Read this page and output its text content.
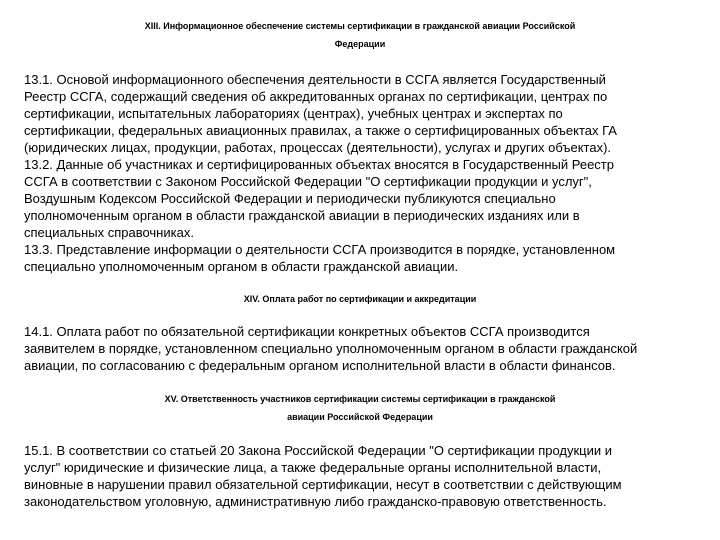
XIII. Информационное обеспечение системы сертификации в гражданской авиации Российской
Федерации
13.1. Основой информационного обеспечения деятельности в ССГА является Государственный
Реестр ССГА, содержащий сведения об аккредитованных органах по сертификации, центрах по
сертификации, испытательных лабораториях (центрах), учебных центрах и экспертах по
сертификации, федеральных авиационных правилах, а также о сертифицированных объектах ГА
(юридических лицах, продукции, работах, процессах (деятельности), услугах и других объектах).
13.2. Данные об участниках и сертифицированных объектах вносятся в Государственный Реестр
ССГА в соответствии с Законом Российской Федерации "О сертификации продукции и услуг",
Воздушным Кодексом Российской Федерации и периодически публикуются специально
уполномоченным органом в области гражданской авиации в периодических изданиях или в
специальных справочниках.
13.3. Представление информации о деятельности ССГА производится в порядке, установленном
специально уполномоченным органом в области гражданской авиации.
XIV. Оплата работ по сертификации и аккредитации
14.1. Оплата работ по обязательной сертификации конкретных объектов ССГА производится
заявителем в порядке, установленном специально уполномоченным органом в области гражданской
авиации, по согласованию с федеральным органом исполнительной власти в области финансов.
XV. Ответственность участников сертификации системы сертификации в гражданской
авиации Российской Федерации
15.1. В соответствии со статьей 20 Закона Российской Федерации "О сертификации продукции и
услуг" юридические и физические лица, а также федеральные органы исполнительной власти,
виновные в нарушении правил обязательной сертификации, несут в соответствии с действующим
законодательством уголовную, административную либо гражданско-правовую ответственность.
